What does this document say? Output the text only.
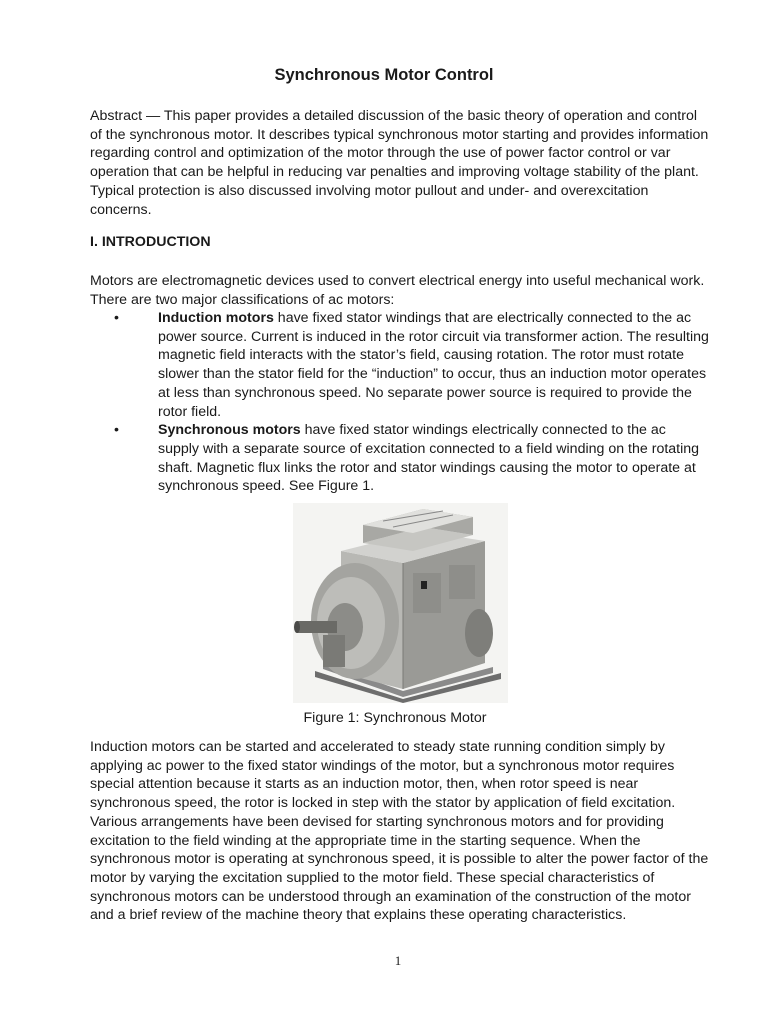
Synchronous Motor Control

Abstract — This paper provides a detailed discussion of the basic theory of operation and control of the synchronous motor. It describes typical synchronous motor starting and provides information regarding control and optimization of the motor through the use of power factor control or var operation that can be helpful in reducing var penalties and improving voltage stability of the plant. Typical protection is also discussed involving motor pullout and under- and overexcitation concerns.

I. INTRODUCTION

Motors are electromagnetic devices used to convert electrical energy into useful mechanical work. There are two major classifications of ac motors:

•	Induction motors have fixed stator windings that are electrically connected to the ac power source. Current is induced in the rotor circuit via transformer action. The resulting magnetic field interacts with the stator’s field, causing rotation. The rotor must rotate slower than the stator field for the “induction” to occur, thus an induction motor operates at less than synchronous speed. No separate power source is required to provide the rotor field.
•	Synchronous motors have fixed stator windings electrically connected to the ac supply with a separate source of excitation connected to a field winding on the rotating shaft. Magnetic flux links the rotor and stator windings causing the motor to operate at synchronous speed. See Figure 1.
Figure 1: Synchronous Motor

Induction motors can be started and accelerated to steady state running condition simply by applying ac power to the fixed stator windings of the motor, but a synchronous motor requires special attention because it starts as an induction motor, then, when rotor speed is near synchronous speed, the rotor is locked in step with the stator by application of field excitation. Various arrangements have been devised for starting synchronous motors and for providing excitation to the field winding at the appropriate time in the starting sequence. When the synchronous motor is operating at synchronous speed, it is possible to alter the power factor of the motor by varying the excitation supplied to the motor field. These special characteristics of synchronous motors can be understood through an examination of the construction of the motor and a brief review of the machine theory that explains these operating characteristics.

1
